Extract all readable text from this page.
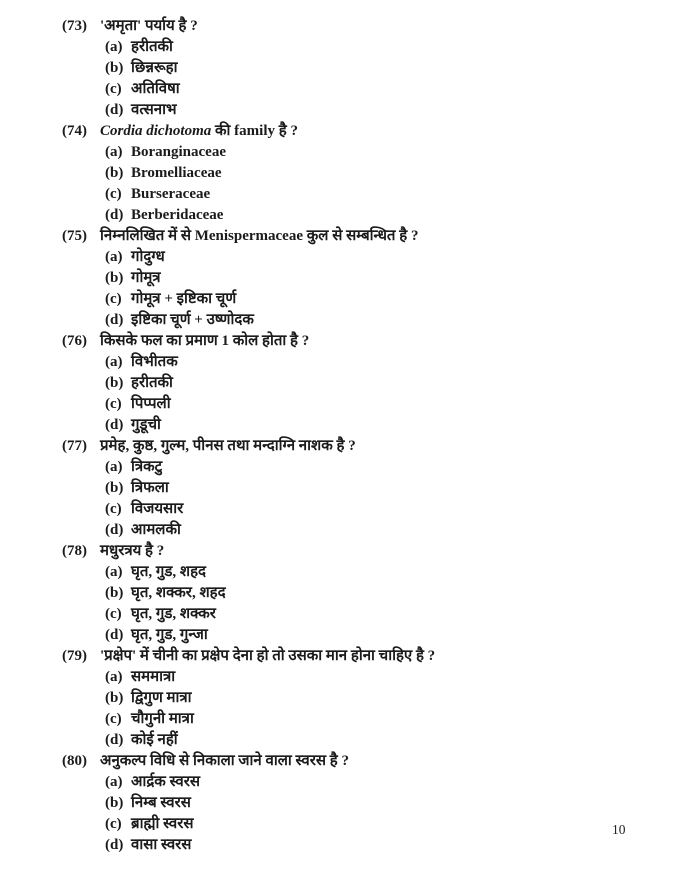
(73) 'अमृता' पर्याय है ?
(a) हरीतकी
(b) छिन्नरूहा
(c) अतिविषा
(d) वत्सनाभ
(74) Cordia dichotoma की family है ?
(a) Boranginaceae
(b) Bromelliaceae
(c) Burseraceae
(d) Berberidaceae
(75) निम्नलिखित में से Menispermaceae कुल से सम्बन्धित है ?
(a) गोदुग्ध
(b) गोमूत्र
(c) गोमूत्र + इष्टिका चूर्ण
(d) इष्टिका चूर्ण + उष्णोदक
(76) किसके फल का प्रमाण 1 कोल होता है ?
(a) विभीतक
(b) हरीतकी
(c) पिप्पली
(d) गुडूची
(77) प्रमेह, कुष्ठ, गुल्म, पीनस तथा मन्दाग्नि नाशक है ?
(a) त्रिकटु
(b) त्रिफला
(c) विजयसार
(d) आमलकी
(78) मधुरत्रय है ?
(a) घृत, गुड, शहद
(b) घृत, शक्कर, शहद
(c) घृत, गुड, शक्कर
(d) घृत, गुड, गुन्जा
(79) 'प्रक्षेप' में चीनी का प्रक्षेप देना हो तो उसका मान होना चाहिए है ?
(a) सममात्रा
(b) द्विगुण मात्रा
(c) चौगुनी मात्रा
(d) कोई नहीं
(80) अनुकल्प विधि से निकाला जाने वाला स्वरस है ?
(a) आर्द्रक स्वरस
(b) निम्ब स्वरस
(c) ब्राह्मी स्वरस
(d) वासा स्वरस
10
